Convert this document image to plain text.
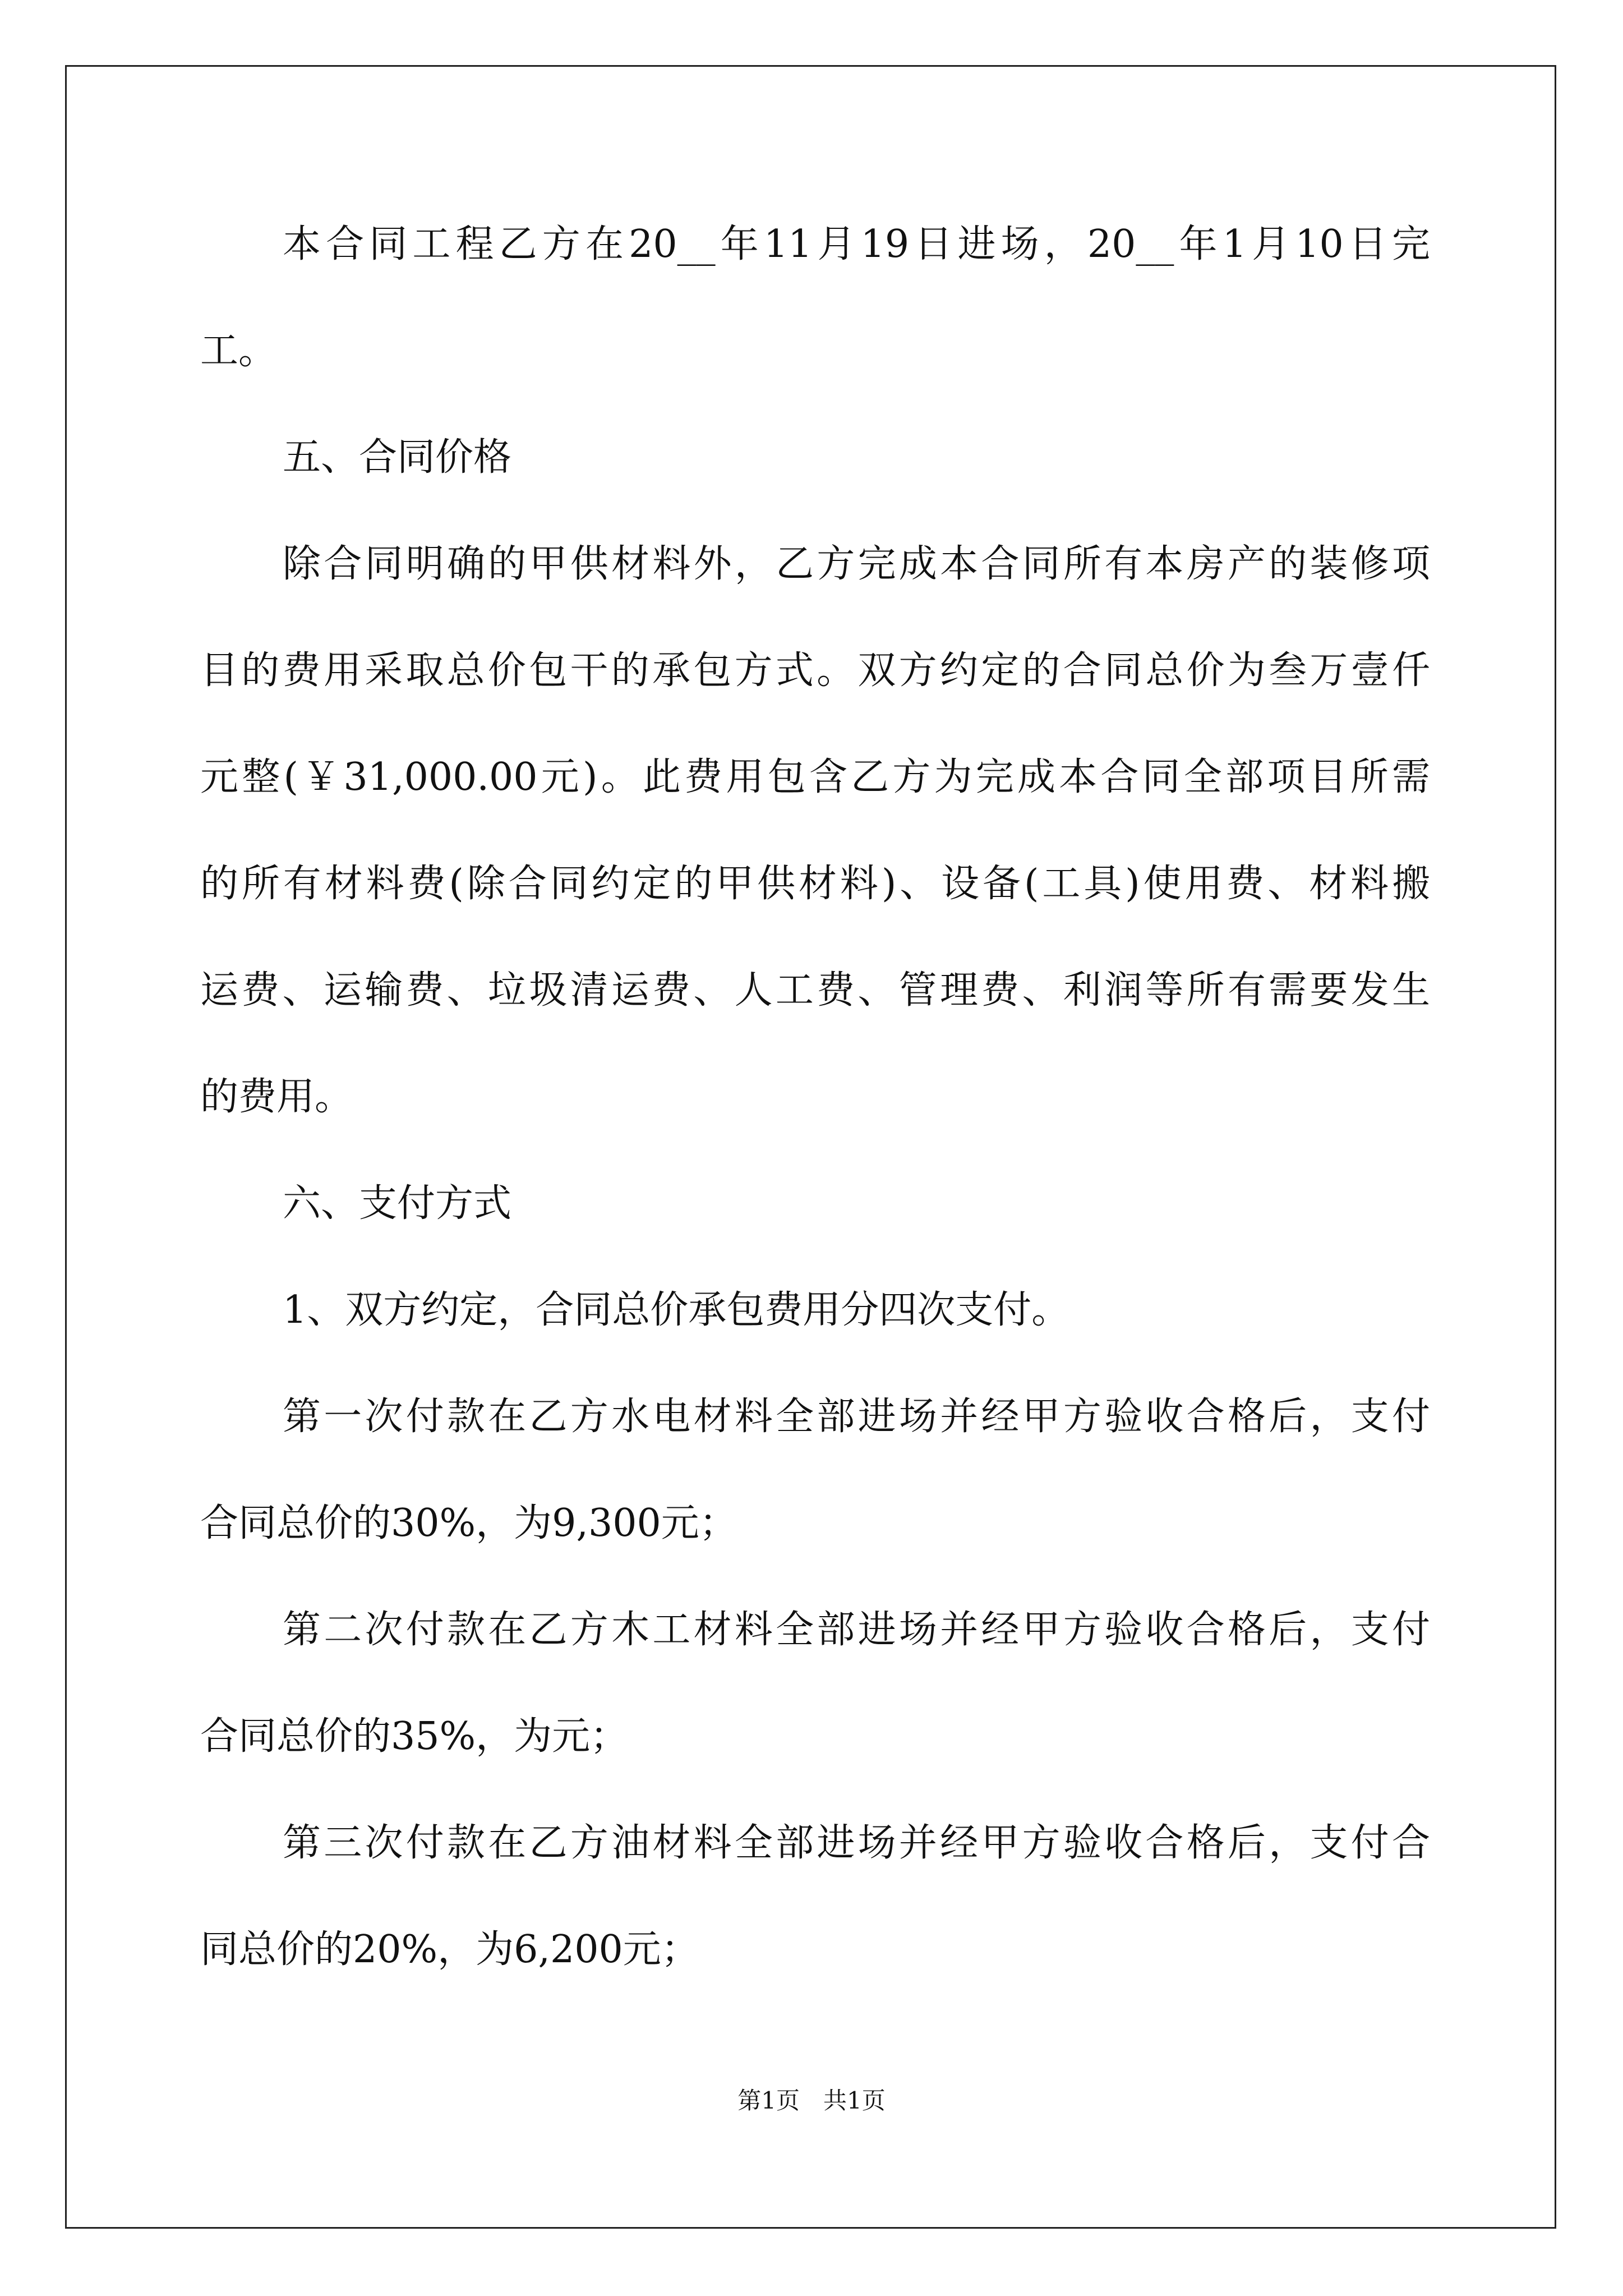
本合同工程乙方在20__年11月19日进场，20__年1月10日完
工。
五、合同价格
除合同明确的甲供材料外，乙方完成本合同所有本房产的装修项
目的费用采取总价包干的承包方式。双方约定的合同总价为叁万壹仟
元整(￥31,000.00元)。此费用包含乙方为完成本合同全部项目所需
的所有材料费(除合同约定的甲供材料)、设备(工具)使用费、材料搬
运费、运输费、垃圾清运费、人工费、管理费、利润等所有需要发生
的费用。
六、支付方式
1、双方约定，合同总价承包费用分四次支付。
第一次付款在乙方水电材料全部进场并经甲方验收合格后，支付
合同总价的30%，为9,300元；
第二次付款在乙方木工材料全部进场并经甲方验收合格后，支付
合同总价的35%，为元；
第三次付款在乙方油材料全部进场并经甲方验收合格后，支付合
同总价的20%，为6,200元；
第1页　共1页
